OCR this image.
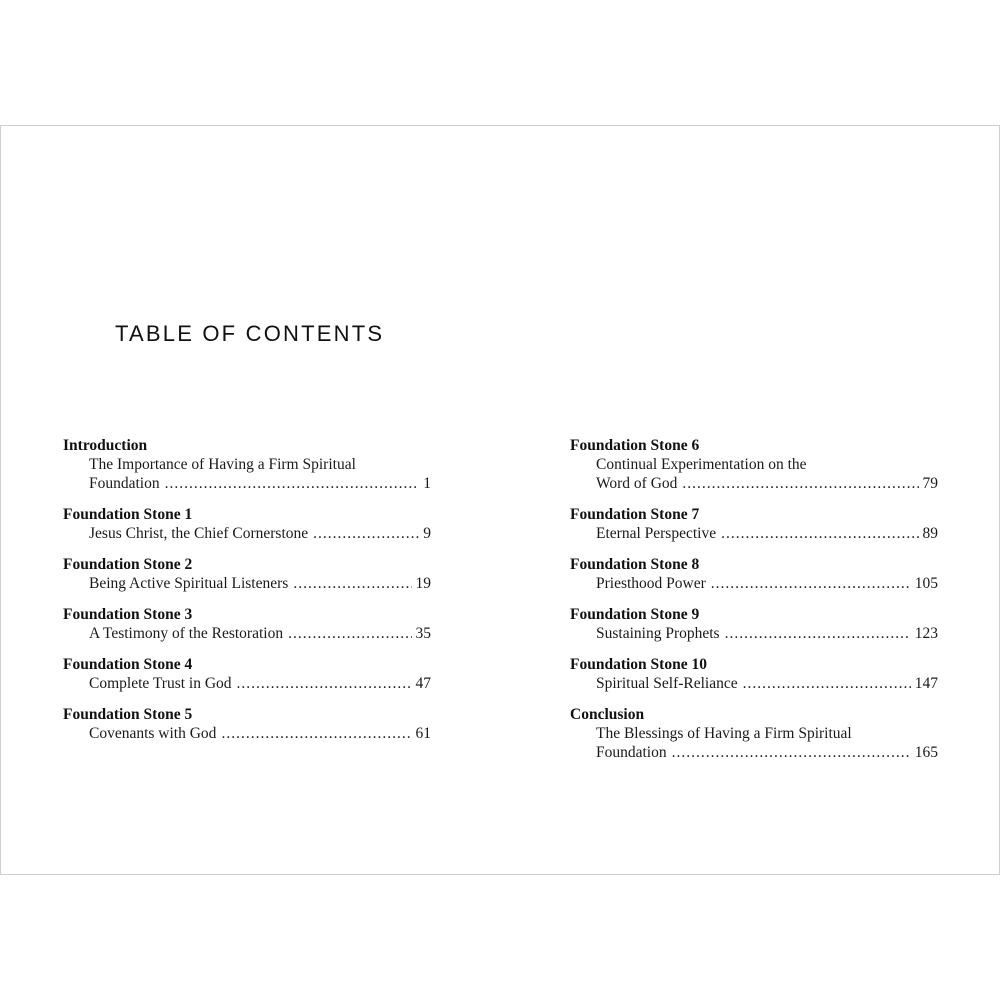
TABLE OF CONTENTS
Introduction
The Importance of Having a Firm Spiritual
Foundation .....	1
Foundation Stone 1
Jesus Christ, the Chief Cornerstone .....	9
Foundation Stone 2
Being Active Spiritual Listeners .....	19
Foundation Stone 3
A Testimony of the Restoration .....	35
Foundation Stone 4
Complete Trust in God .....	47
Foundation Stone 5
Covenants with God .....	61
Foundation Stone 6
Continual Experimentation on the
Word of God .....	79
Foundation Stone 7
Eternal Perspective .....	89
Foundation Stone 8
Priesthood Power .....	105
Foundation Stone 9
Sustaining Prophets .....	123
Foundation Stone 10
Spiritual Self-Reliance .....	147
Conclusion
The Blessings of Having a Firm Spiritual
Foundation .....	165
